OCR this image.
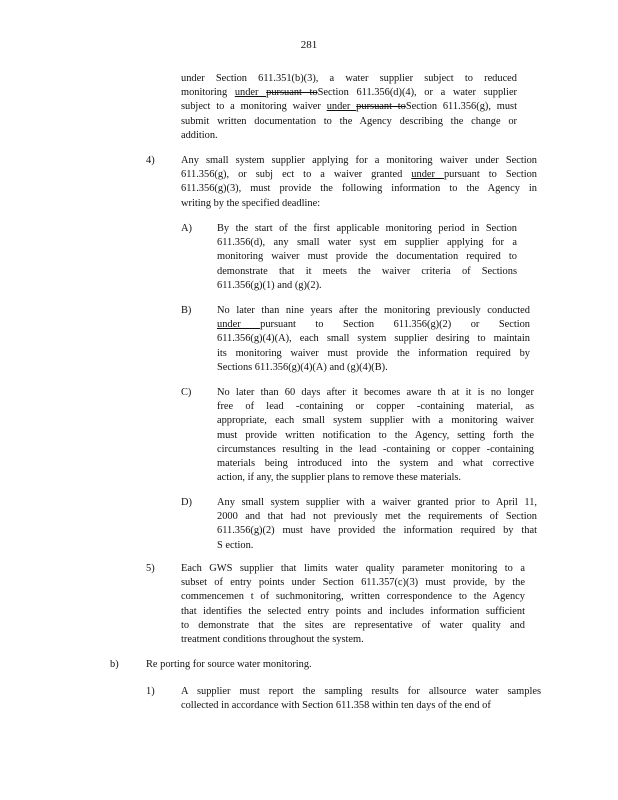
281
under Section 611.351(b)(3), a water supplier subject to reduced
monitoring under pursuant toSection 611.356(d)(4), or a water supplier
subject to a monitoring waiver under pursuant toSection 611.356(g), must
submit written documentation to the Agency describing the change or
addition.
4)	Any small system supplier applying for a monitoring waiver under Section
611.356(g), or subj ect to a waiver granted under pursuant to Section
611.356(g)(3), must provide the following information to the Agency in
writing by the specified deadline:
A) By the start of the first applicable monitoring period in Section
611.356(d), any small water syst em supplier applying for a
monitoring waiver must provide the documentation required to
demonstrate that it meets the waiver criteria of Sections
611.356(g)(1) and (g)(2).
B) No later than nine years after the monitoring previously conducted
under pursuant to Section 611.356(g)(2) or Section
611.356(g)(4)(A), each small system supplier desiring to maintain
its monitoring waiver must provide the information required by
Sections 611.356(g)(4)(A) and (g)(4)(B).
C) No later than 60 days after it becomes aware th at it is no longer
free of lead -containing or copper -containing material, as
appropriate, each small system supplier with a monitoring waiver
must provide written notification to the Agency, setting forth the
circumstances resulting in the lead -containing or copper -containing
materials being introduced into the system and what corrective
action, if any, the supplier plans to remove these materials.
D) Any small system supplier with a waiver granted prior to April 11,
2000 and that had not previously met the requirements of Section
611.356(g)(2) must have provided the information required by that
S ection.
5)	Each GWS supplier that limits water quality parameter monitoring to a
subset of entry points under Section 611.357(c)(3) must provide, by the
commencemen t of suchmonitoring, written correspondence to the Agency
that identifies the selected entry points and includes information sufficient
to demonstrate that the sites are representative of water quality and
treatment conditions throughout the system.
b)	Re porting for source water monitoring.
1)	A supplier must report the sampling results for allsource water samples
collected in accordance with Section 611.358 within ten days of the end of
